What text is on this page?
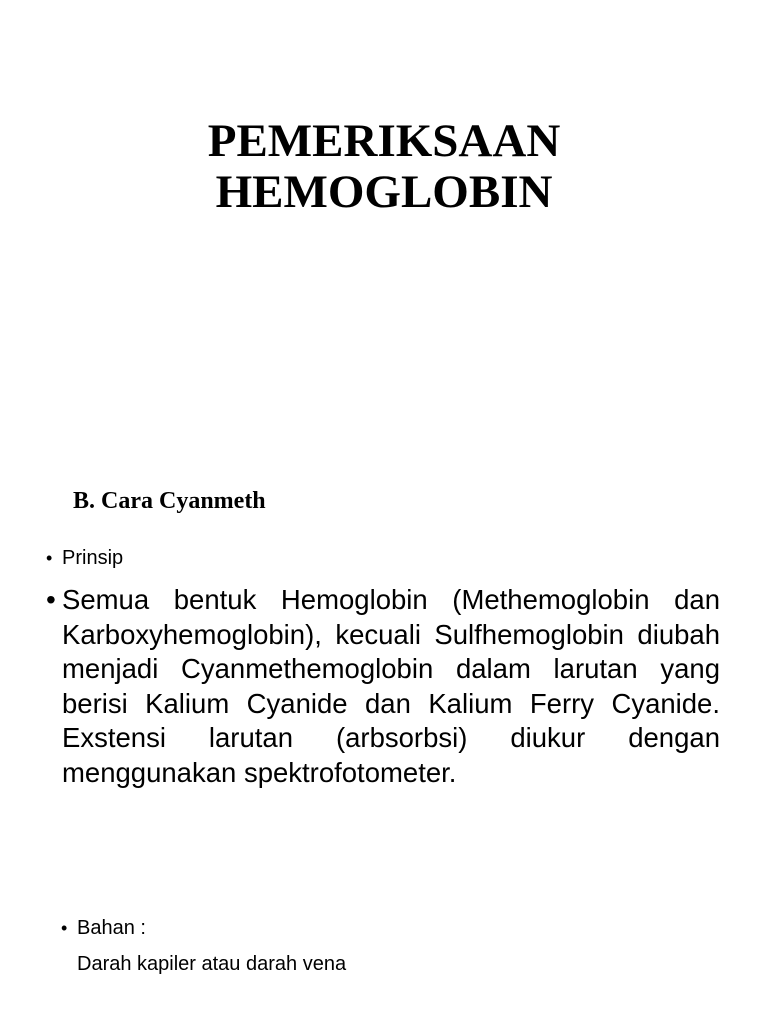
PEMERIKSAAN
HEMOGLOBIN
B. Cara Cyanmeth
• Prinsip
• Semua bentuk Hemoglobin (Methemoglobin dan Karboxyhemoglobin), kecuali Sulfhemoglobin diubah menjadi Cyanmethemoglobin dalam larutan yang berisi Kalium Cyanide dan Kalium Ferry Cyanide. Exstensi larutan (arbsorbsi) diukur dengan menggunakan spektrofotometer.
• Bahan :
Darah kapiler atau darah vena
